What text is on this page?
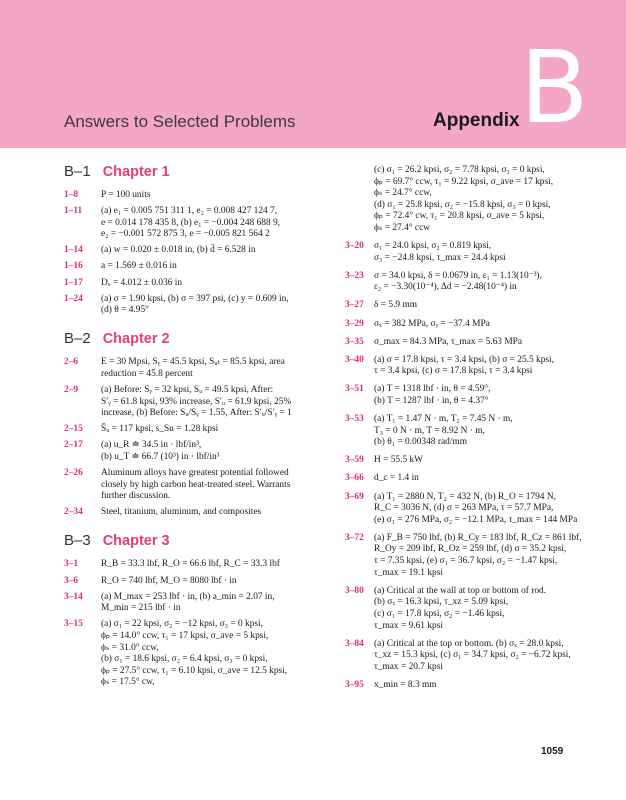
Answers to Selected Problems	Appendix B
B–1 Chapter 1
1–8 P = 100 units
1–11 (a) e₁ = 0.005 751 311 1, e₂ = 0.008 427 124 7,
e = 0.014 178 435 8, (b) e₁ = −0.004 248 688 9,
e₂ = −0.001 572 875 3, e = −0.005 821 564 2
1–14 (a) w = 0.020 ± 0.018 in, (b) d̄ = 6.528 in
1–16 a = 1.569 ± 0.016 in
1–17 Dₒ = 4.012 ± 0.036 in
1–24 (a) σ = 1.90 kpsi, (b) σ = 397 psi, (c) y = 0.609 in,
(d) θ = 4.95°
B–2 Chapter 2
2–6 E = 30 Mpsi, Sᵧ = 45.5 kpsi, Sᵤₜ = 85.5 kpsi, area
reduction = 45.8 percent
2–9 (a) Before: Sᵧ = 32 kpsi, Sᵤ = 49.5 kpsi, After:
S′ᵧ = 61.8 kpsi, 93% increase, S′ᵤ = 61.9 kpsi, 25%
increase, (b) Before: Sᵤ/Sᵧ = 1.55, After: S′ᵤ/S′ᵧ = 1
2–15 S̄ᵤ = 117 kpsi, s_Su = 1.28 kpsi
2–17 (a) u_R ≐ 34.5 in · lbf/in³,
(b) u_T ≐ 66.7 (10³) in · lbf/in³
2–26 Aluminum alloys have greatest potential followed
closely by high carbon heat-treated steel. Warrants
further discussion.
2–34 Steel, titanium, aluminum, and composites
B–3 Chapter 3
3–1 R_B = 33.3 lbf, R_O = 66.6 lbf, R_C = 33.3 lbf
3–6 R_O = 740 lbf, M_O = 8080 lbf · in
3–14 (a) M_max = 253 lbf · in, (b) a_min = 2.07 in,
M_min = 215 lbf · in
3–15 (a) σ₁ = 22 kpsi, σ₂ = −12 kpsi, σ₃ = 0 kpsi,
ϕₚ = 14.0° ccw, τ₁ = 17 kpsi, σ_ave = 5 kpsi,
ϕₛ = 31.0° ccw,
(b) σ₁ = 18.6 kpsi, σ₂ = 6.4 kpsi, σ₃ = 0 kpsi,
ϕₚ = 27.5° ccw, τ₁ = 6.10 kpsi, σ_ave = 12.5 kpsi,
ϕₛ = 17.5° cw,
(c) σ₁ = 26.2 kpsi, σ₂ = 7.78 kpsi, σ₃ = 0 kpsi,
ϕₚ = 69.7° ccw, τ₁ = 9.22 kpsi, σ_ave = 17 kpsi,
ϕₛ = 24.7° ccw,
(d) σ₁ = 25.8 kpsi, σ₂ = −15.8 kpsi, σ₃ = 0 kpsi,
ϕₚ = 72.4° cw, τ₁ = 20.8 kpsi, σ_ave = 5 kpsi,
ϕₛ = 27.4° ccw
3–20 σ₁ = 24.0 kpsi, σ₂ = 0.819 kpsi,
σ₃ = −24.8 kpsi, τ_max = 24.4 kpsi
3–23 σ = 34.0 kpsi, δ = 0.0679 in, ε₁ = 1.13(10⁻³),
ε₂ = −3.30(10⁻⁴), Δd = −2.48(10⁻⁴) in
3–27 δ = 5.9 mm
3–29 σₓ = 382 MPa, σᵧ = −37.4 MPa
3–35 σ_max = 84.3 MPa, τ_max = 5.63 MPa
3–40 (a) σ = 17.8 kpsi, τ = 3.4 kpsi, (b) σ = 25.5 kpsi,
τ = 3.4 kpsi, (c) σ = 17.8 kpsi, τ = 3.4 kpsi
3–51 (a) T = 1318 lbf · in, θ = 4.59°,
(b) T = 1287 lbf · in, θ = 4.37°
3–53 (a) T₁ = 1.47 N · m, T₂ = 7.45 N · m,
T₃ = 0 N · m, T = 8.92 N · m,
(b) θ₁ = 0.00348 rad/mm
3–59 H = 55.5 kW
3–66 d_c = 1.4 in
3–69 (a) T₁ = 2880 N, T₂ = 432 N, (b) R_O = 1794 N,
R_C = 3036 N, (d) σ = 263 MPa, τ = 57.7 MPa,
(e) σ₁ = 276 MPa, σ₂ = −12.1 MPa, τ_max = 144 MPa
3–72 (a) F_B = 750 lbf, (b) R_Cy = 183 lbf, R_Cz = 861 lbf,
R_Oy = 209 lbf, R_Oz = 259 lbf, (d) σ = 35.2 kpsi,
τ = 7.35 kpsi, (e) σ₁ = 36.7 kpsi, σ₂ = −1.47 kpsi,
τ_max = 19.1 kpsi
3–80 (a) Critical at the wall at top or bottom of rod.
(b) σₓ = 16.3 kpsi, τ_xz = 5.09 kpsi,
(c) σ₁ = 17.8 kpsi, σ₂ = −1.46 kpsi,
τ_max = 9.61 kpsi
3–84 (a) Critical at the top or bottom. (b) σₓ = 28.0 kpsi,
τ_xz = 15.3 kpsi, (c) σ₁ = 34.7 kpsi, σ₂ = −6.72 kpsi,
τ_max = 20.7 kpsi
3–95 x_min = 8.3 mm
1059
